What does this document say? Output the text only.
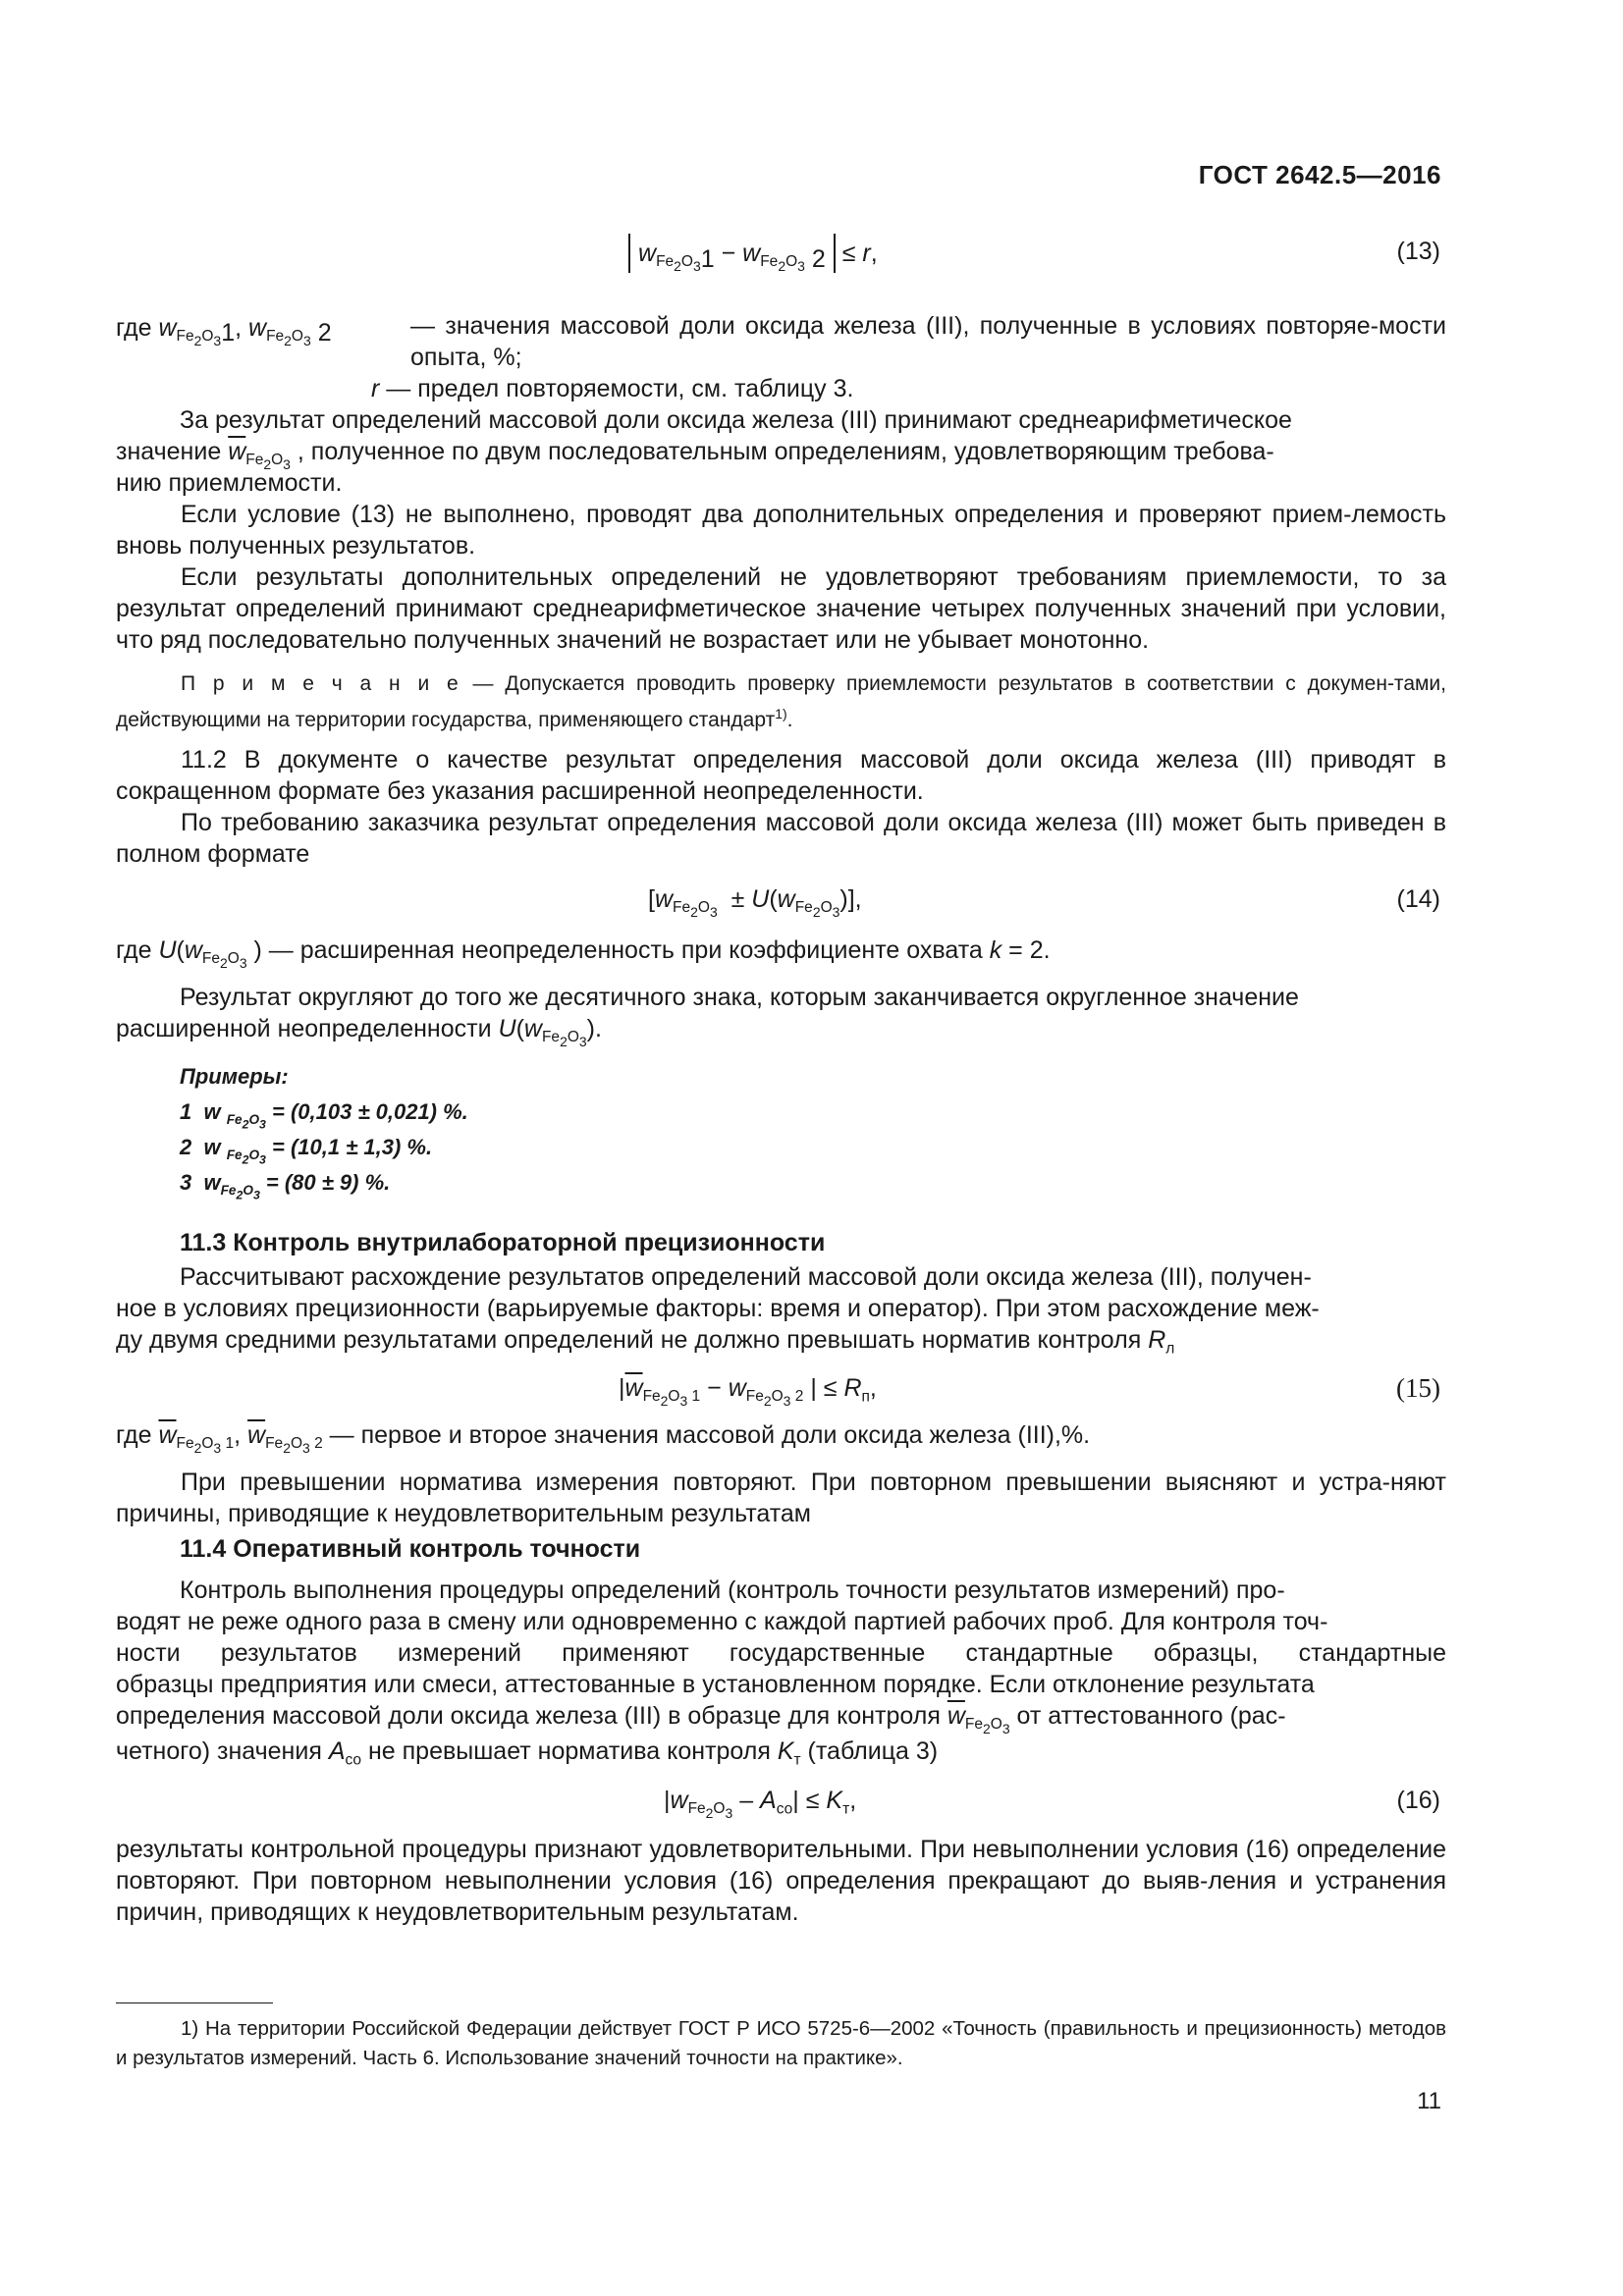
ГОСТ 2642.5—2016
$w_{Fe_2O_3}1 - w_{Fe_2O_3}$ 2 ≤ r,	(13)
где $w_{Fe_2O_3}1$, $w_{Fe_2O_3}$ 2	— значения массовой доли оксида железа (III), полученные в условиях повторяе-мости опыта, %;
r — предел повторяемости, см. таблицу 3.
За результат определений массовой доли оксида железа (III) принимают среднеарифметическое
значение $\overline{w}_{Fe_2O_3}$ , полученное по двум последовательным определениям, удовлетворяющим требова-
нию приемлемости.
Если условие (13) не выполнено, проводят два дополнительных определения и проверяют прием-лемость вновь полученных результатов.
Если результаты дополнительных определений не удовлетворяют требованиям приемлемости, то за результат определений принимают среднеарифметическое значение четырех полученных значений при условии, что ряд последовательно полученных значений не возрастает или не убывает монотонно.
П р и м е ч а н и е — Допускается проводить проверку приемлемости результатов в соответствии с докумен-тами, действующими на территории государства, применяющего стандарт$^{1)}$.
11.2 В документе о качестве результат определения массовой доли оксида железа (III) приводят в сокращенном формате без указания расширенной неопределенности.
По требованию заказчика результат определения массовой доли оксида железа (III) может быть приведен в полном формате
$[w_{Fe_2O_3} \pm U(w_{Fe_2O_3})]$,	(14)
где $U(w_{Fe_2O_3}$ ) — расширенная неопределенность при коэффициенте охвата k = 2.
Результат округляют до того же десятичного знака, которым заканчивается округленное значение
расширенной неопределенности $U(w_{Fe_2O_3})$.
Примеры:
1  w $_{Fe_2O_3}$ = (0,103 ± 0,021) %.
2  w $_{Fe_2O_3}$ = (10,1 ± 1,3) %.
3  $w_{Fe_2O_3} = (80 \pm 9)$ %.
11.3 Контроль внутрилабораторной прецизионности
Рассчитывают расхождение результатов определений массовой доли оксида железа (III), получен-
ное в условиях прецизионности (варьируемые факторы: время и оператор). При этом расхождение меж-
ду двумя средними результатами определений не должно превышать норматив контроля $R_л$
$|\overline{w}_{Fe_2O_3 1} - w_{Fe_2O_3 2}$ | ≤ $R_п$,	(15)
где $\overline{w}_{Fe_2O_3 1}$, $\overline{w}_{Fe_2O_3 2}$ — первое и второе значения массовой доли оксида железа (III),%.
При превышении норматива измерения повторяют. При повторном превышении выясняют и устра-няют причины, приводящие к неудовлетворительным результатам
11.4 Оперативный контроль точности
Контроль выполнения процедуры определений (контроль точности результатов измерений) про-
водят не реже одного раза в смену или одновременно с каждой партией рабочих проб. Для контроля точ-
ности результатов измерений применяют государственные стандартные образцы, стандартные
образцы предприятия или смеси, аттестованные в установленном порядке. Если отклонение результата
определения массовой доли оксида железа (III) в образце для контроля $\overline{w}_{Fe_2O_3}$ от аттестованного (рас-
четного) значения $A_{со}$ не превышает норматива контроля $K_т$ (таблица 3)
$|w_{Fe_2O_3} - A_{со}| \le K_т$,	(16)
результаты контрольной процедуры признают удовлетворительными. При невыполнении условия (16) определение повторяют. При повторном невыполнении условия (16) определения прекращают до выяв-ления и устранения причин, приводящих к неудовлетворительным результатам.
1) На территории Российской Федерации действует ГОСТ Р ИСО 5725-6—2002 «Точность (правильность и прецизионность) методов и результатов измерений. Часть 6. Использование значений точности на практике».
11
